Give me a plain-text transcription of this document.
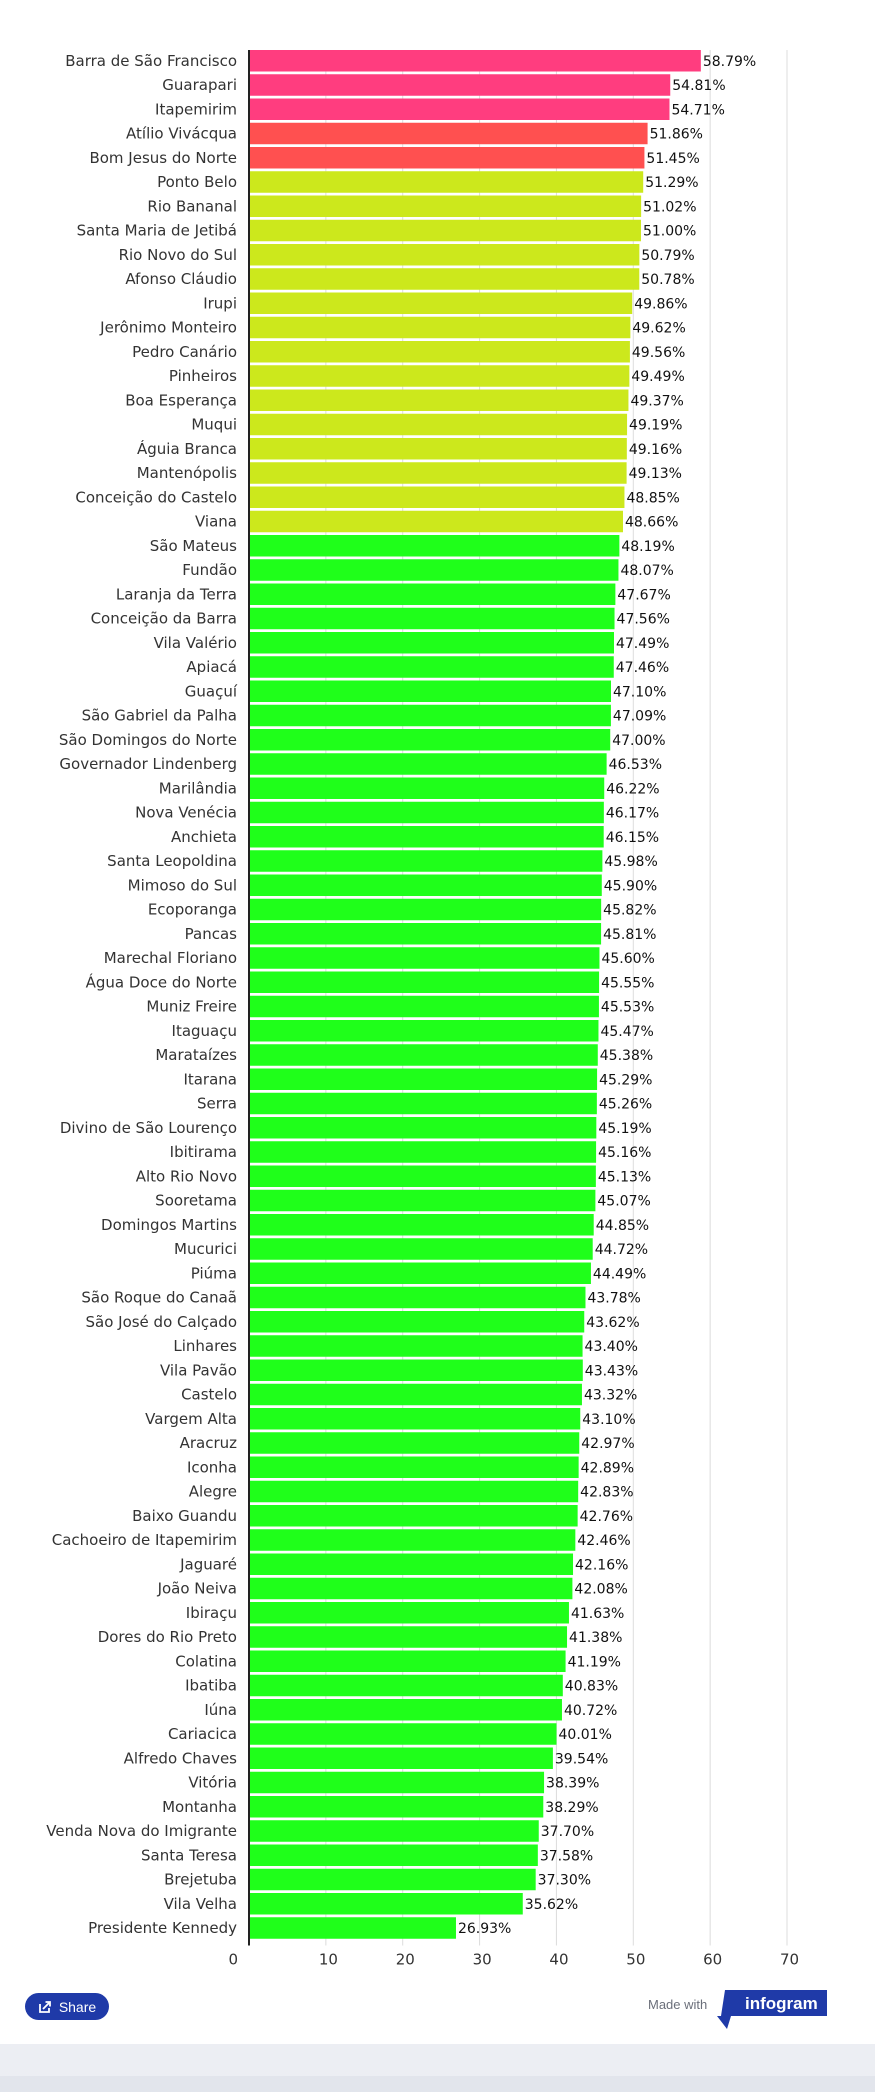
Barra de São Francisco	58.79%
Guarapari	54.81%
Itapemirim	54.71%
Atílio Vivácqua	51.86%
Bom Jesus do Norte	51.45%
Ponto Belo	51.29%
Rio Bananal	51.02%
Santa Maria de Jetibá	51.00%
Rio Novo do Sul	50.79%
Afonso Cláudio	50.78%
Irupi	49.86%
Jerônimo Monteiro	49.62%
Pedro Canário	49.56%
Pinheiros	49.49%
Boa Esperança	49.37%
Muqui	49.19%
Águia Branca	49.16%
Mantenópolis	49.13%
Conceição do Castelo	48.85%
Viana	48.66%
São Mateus	48.19%
Fundão	48.07%
Laranja da Terra	47.67%
Conceição da Barra	47.56%
Vila Valério	47.49%
Apiacá	47.46%
Guaçuí	47.10%
São Gabriel da Palha	47.09%
São Domingos do Norte	47.00%
Governador Lindenberg	46.53%
Marilândia	46.22%
Nova Venécia	46.17%
Anchieta	46.15%
Santa Leopoldina	45.98%
Mimoso do Sul	45.90%
Ecoporanga	45.82%
Pancas	45.81%
Marechal Floriano	45.60%
Água Doce do Norte	45.55%
Muniz Freire	45.53%
Itaguaçu	45.47%
Marataízes	45.38%
Itarana	45.29%
Serra	45.26%
Divino de São Lourenço	45.19%
Ibitirama	45.16%
Alto Rio Novo	45.13%
Sooretama	45.07%
Domingos Martins	44.85%
Mucurici	44.72%
Piúma	44.49%
São Roque do Canaã	43.78%
São José do Calçado	43.62%
Linhares	43.40%
Vila Pavão	43.43%
Castelo	43.32%
Vargem Alta	43.10%
Aracruz	42.97%
Iconha	42.89%
Alegre	42.83%
Baixo Guandu	42.76%
Cachoeiro de Itapemirim	42.46%
Jaguaré	42.16%
João Neiva	42.08%
Ibiraçu	41.63%
Dores do Rio Preto	41.38%
Colatina	41.19%
Ibatiba	40.83%
Iúna	40.72%
Cariacica	40.01%
Alfredo Chaves	39.54%
Vitória	38.39%
Montanha	38.29%
Venda Nova do Imigrante	37.70%
Santa Teresa	37.58%
Brejetuba	37.30%
Vila Velha	35.62%
Presidente Kennedy	26.93%
0	10	20	30	40	50	60	70
Share	Made with infogram
